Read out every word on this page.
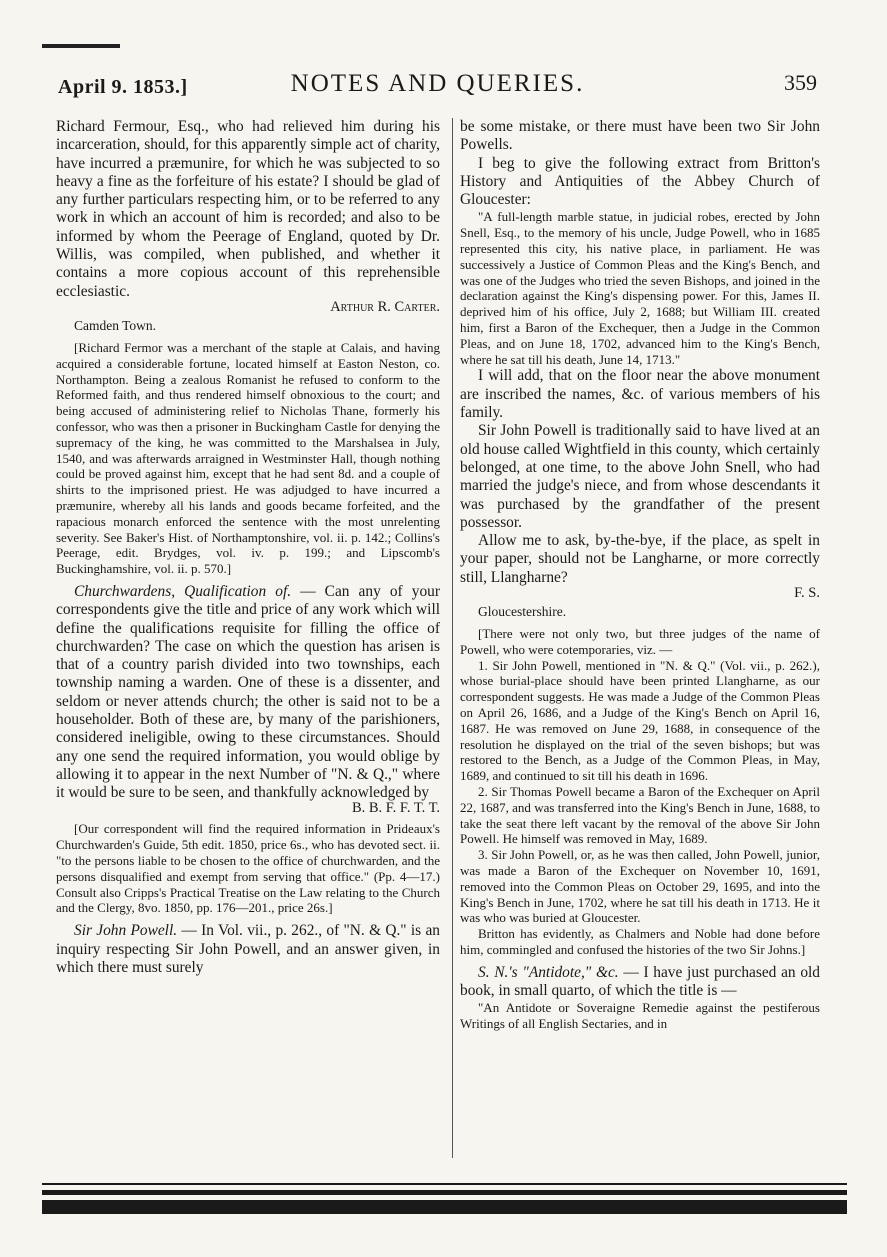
April 9. 1853.]	NOTES AND QUERIES.	359

Richard Fermour, Esq., who had relieved him during his incarceration, should, for this apparently simple act of charity, have incurred a præmunire, for which he was subjected to so heavy a fine as the forfeiture of his estate? I should be glad of any further particulars respecting him, or to be referred to any work in which an account of him is recorded; and also to be informed by whom the Peerage of England, quoted by Dr. Willis, was compiled, when published, and whether it contains a more copious account of this reprehensible ecclesiastic.

Arthur R. Carter.

Camden Town.

[Richard Fermor was a merchant of the staple at Calais, and having acquired a considerable fortune, located himself at Easton Neston, co. Northampton. Being a zealous Romanist he refused to conform to the Reformed faith, and thus rendered himself obnoxious to the court; and being accused of administering relief to Nicholas Thane, formerly his confessor, who was then a prisoner in Buckingham Castle for denying the supremacy of the king, he was committed to the Marshalsea in July, 1540, and was afterwards arraigned in Westminster Hall, though nothing could be proved against him, except that he had sent 8d. and a couple of shirts to the imprisoned priest. He was adjudged to have incurred a præmunire, whereby all his lands and goods became forfeited, and the rapacious monarch enforced the sentence with the most unrelenting severity. See Baker's Hist. of Northamptonshire, vol. ii. p. 142.; Collins's Peerage, edit. Brydges, vol. iv. p. 199.; and Lipscomb's Buckinghamshire, vol. ii. p. 570.]

Churchwardens, Qualification of. — Can any of your correspondents give the title and price of any work which will define the qualifications requisite for filling the office of churchwarden? The case on which the question has arisen is that of a country parish divided into two townships, each township naming a warden. One of these is a dissenter, and seldom or never attends church; the other is said not to be a householder. Both of these are, by many of the parishioners, considered ineligible, owing to these circumstances. Should any one send the required information, you would oblige by allowing it to appear in the next Number of "N. & Q.," where it would be sure to be seen, and thankfully acknowledged by

B. B. F. F. T. T.

[Our correspondent will find the required information in Prideaux's Churchwarden's Guide, 5th edit. 1850, price 6s., who has devoted sect. ii. "to the persons liable to be chosen to the office of churchwarden, and the persons disqualified and exempt from serving that office." (Pp. 4—17.) Consult also Cripps's Practical Treatise on the Law relating to the Church and the Clergy, 8vo. 1850, pp. 176—201., price 26s.]

Sir John Powell. — In Vol. vii., p. 262., of "N. & Q." is an inquiry respecting Sir John Powell, and an answer given, in which there must surely

be some mistake, or there must have been two Sir John Powells.

I beg to give the following extract from Britton's History and Antiquities of the Abbey Church of Gloucester:

"A full-length marble statue, in judicial robes, erected by John Snell, Esq., to the memory of his uncle, Judge Powell, who in 1685 represented this city, his native place, in parliament. He was successively a Justice of Common Pleas and the King's Bench, and was one of the Judges who tried the seven Bishops, and joined in the declaration against the King's dispensing power. For this, James II. deprived him of his office, July 2, 1688; but William III. created him, first a Baron of the Exchequer, then a Judge in the Common Pleas, and on June 18, 1702, advanced him to the King's Bench, where he sat till his death, June 14, 1713."

I will add, that on the floor near the above monument are inscribed the names, &c. of various members of his family.

Sir John Powell is traditionally said to have lived at an old house called Wightfield in this county, which certainly belonged, at one time, to the above John Snell, who had married the judge's niece, and from whose descendants it was purchased by the grandfather of the present possessor.

Allow me to ask, by-the-bye, if the place, as spelt in your paper, should not be Langharne, or more correctly still, Llangharne?

F. S.

Gloucestershire.

[There were not only two, but three judges of the name of Powell, who were cotemporaries, viz. —

1. Sir John Powell, mentioned in "N. & Q." (Vol. vii., p. 262.), whose burial-place should have been printed Llangharne, as our correspondent suggests. He was made a Judge of the Common Pleas on April 26, 1686, and a Judge of the King's Bench on April 16, 1687. He was removed on June 29, 1688, in consequence of the resolution he displayed on the trial of the seven bishops; but was restored to the Bench, as a Judge of the Common Pleas, in May, 1689, and continued to sit till his death in 1696.

2. Sir Thomas Powell became a Baron of the Exchequer on April 22, 1687, and was transferred into the King's Bench in June, 1688, to take the seat there left vacant by the removal of the above Sir John Powell. He himself was removed in May, 1689.

3. Sir John Powell, or, as he was then called, John Powell, junior, was made a Baron of the Exchequer on November 10, 1691, removed into the Common Pleas on October 29, 1695, and into the King's Bench in June, 1702, where he sat till his death in 1713. He it was who was buried at Gloucester.

Britton has evidently, as Chalmers and Noble had done before him, commingled and confused the histories of the two Sir Johns.]

S. N.'s "Antidote," &c. — I have just purchased an old book, in small quarto, of which the title is —

"An Antidote or Soveraigne Remedie against the pestiferous Writings of all English Sectaries, and in
